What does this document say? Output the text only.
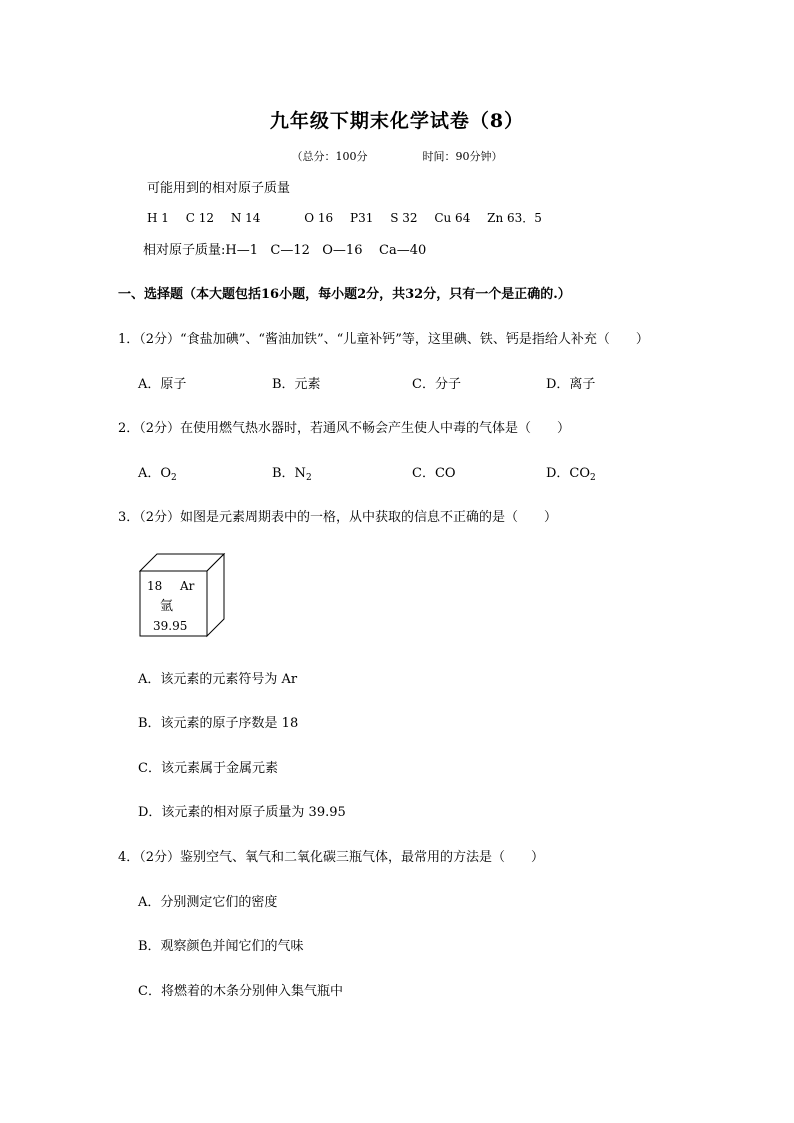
九年级下期末化学试卷（8）
（总分：100分	时间：90分钟）
可能用到的相对原子质量
H 1 C 12 N 14	O 16 P31 S 32 Cu 64 Zn 63．5
相对原子质量:H—1   C—12   O—16    Ca—40
一、选择题（本大题包括16小题，每小题2分，共32分，只有一个是正确的.）
1．（2分）“食盐加碘”、“酱油加铁”、“儿童补钙”等，这里碘、铁、钙是指给人补充（　　）
A．原子	B．元素	C．分子	D．离子
2．（2分）在使用燃气热水器时，若通风不畅会产生使人中毒的气体是（　　）
A．$O_2$	B．$N_2$	C．CO	D．$CO_2$
3．（2分）如图是元素周期表中的一格，从中获取的信息不正确的是（　　）
18 Ar
氩
39.95
A．该元素的元素符号为 Ar
B．该元素的原子序数是 18
C．该元素属于金属元素
D．该元素的相对原子质量为 39.95
4．（2分）鉴别空气、氧气和二氧化碳三瓶气体，最常用的方法是（　　）
A．分别测定它们的密度
B．观察颜色并闻它们的气味
C．将燃着的木条分别伸入集气瓶中
